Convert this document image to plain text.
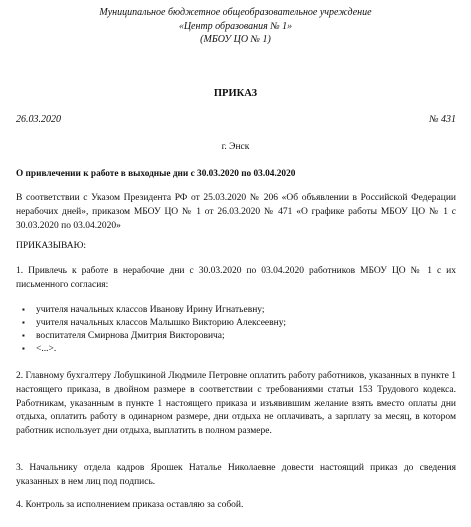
Муниципальное бюджетное общеобразовательное учреждение
«Центр образования № 1»
(МБОУ ЦО № 1)
ПРИКАЗ
26.03.2020	№ 431
г. Энск
О привлечении к работе в выходные дни с 30.03.2020 по 03.04.2020
В соответствии с Указом Президента РФ от 25.03.2020 № 206 «Об объявлении в Российской Федерации нерабочих дней», приказом МБОУ ЦО № 1 от 26.03.2020 № 471 «О графике работы МБОУ ЦО № 1 с 30.03.2020 по 03.04.2020»
ПРИКАЗЫВАЮ:
1. Привлечь к работе в нерабочие дни с 30.03.2020 по 03.04.2020 работников МБОУ ЦО № 1 с их письменного согласия:
▪ учителя начальных классов Иванову Ирину Игнатьевну;
▪ учителя начальных классов Малышко Викторию Алексеевну;
▪ воспитателя Смирнова Дмитрия Викторовича;
▪ <...>.
2. Главному бухгалтеру Лобушкиной Людмиле Петровне оплатить работу работников, указанных в пункте 1 настоящего приказа, в двойном размере в соответствии с требованиями статьи 153 Трудового кодекса. Работникам, указанным в пункте 1 настоящего приказа и изъявившим желание взять вместо оплаты дни отдыха, оплатить работу в одинарном размере, дни отдыха не оплачивать, а зарплату за месяц, в котором работник использует дни отдыха, выплатить в полном размере.
3. Начальнику отдела кадров Ярошек Наталье Николаевне довести настоящий приказ до сведения указанных в нем лиц под подпись.
4. Контроль за исполнением приказа оставляю за собой.
